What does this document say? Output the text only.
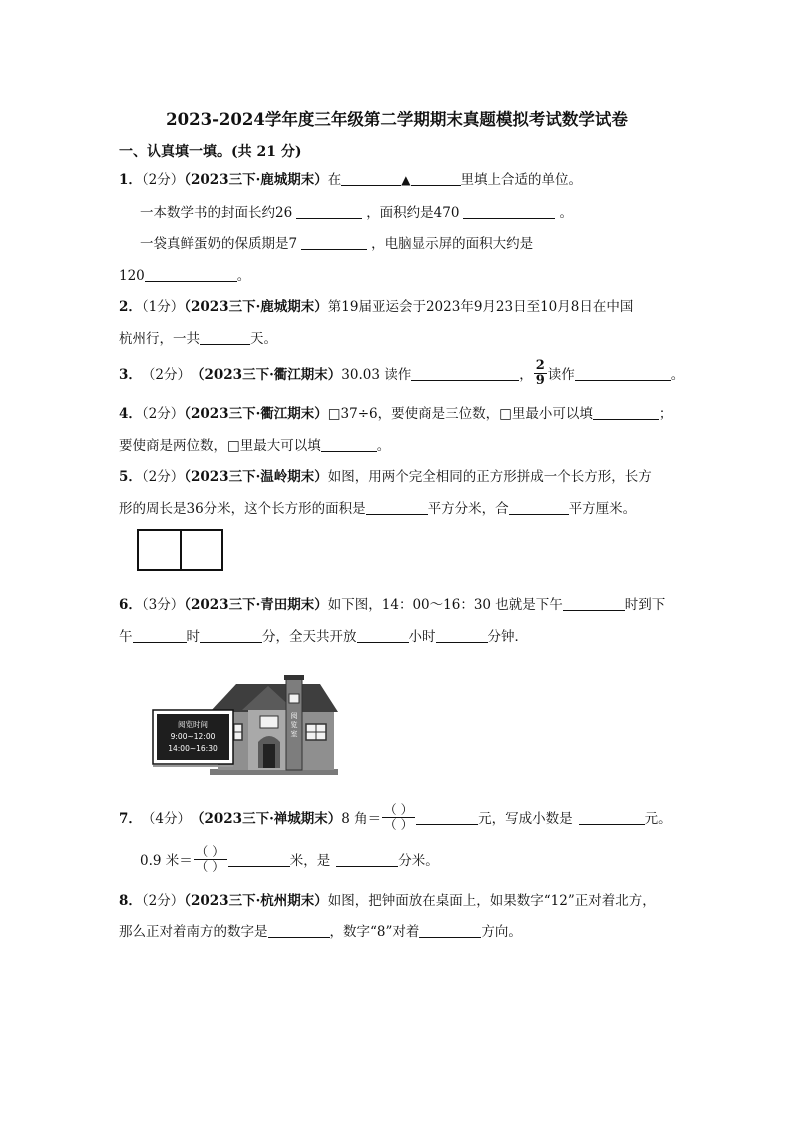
2023-2024学年度三年级第二学期期末真题模拟考试数学试卷
一、认真填一填。(共 21 分)
1．（2分）（2023三下·鹿城期末）在	▲	里填上合适的单位。
一本数学书的封面长约26	，面积约是470	。
一袋真鲜蛋奶的保质期是7	，电脑显示屏的面积大约是
120	。
2．（1分）（2023三下·鹿城期末）第19届亚运会于2023年9月23日至10月8日在中国
杭州行，一共	天。
3． （2分） （2023三下·衢江期末） 30.03 读作	， $\frac{2}{9}$ 读作	。
4．（2分）（2023三下·衢江期末）□37÷6，要使商是三位数，□里最小可以填	；
要使商是两位数，□里最大可以填	。
5．（2分）（2023三下·温岭期末）如图，用两个完全相同的正方形拼成一个长方形，长方
形的周长是36分米，这个长方形的面积是	平方分米，合	平方厘米。
6．（3分）（2023三下·青田期末）如下图，14：00～16：30 也就是下午	时到下
午	时	分，全天共开放	小时	分钟．
阅
览
室
阅览时间
9:00~12:00
14:00~16:30
7． （4分） （2023三下·禅城期末） 8 角＝ $\frac{( )}{( )}$	元，写成小数是	元。
0.9 米＝ $\frac{( )}{( )}$	米，是	分米。
8．（2分）（2023三下·杭州期末）如图，把钟面放在桌面上，如果数字“12”正对着北方，
那么正对着南方的数字是	，数字“8”对着	方向。
